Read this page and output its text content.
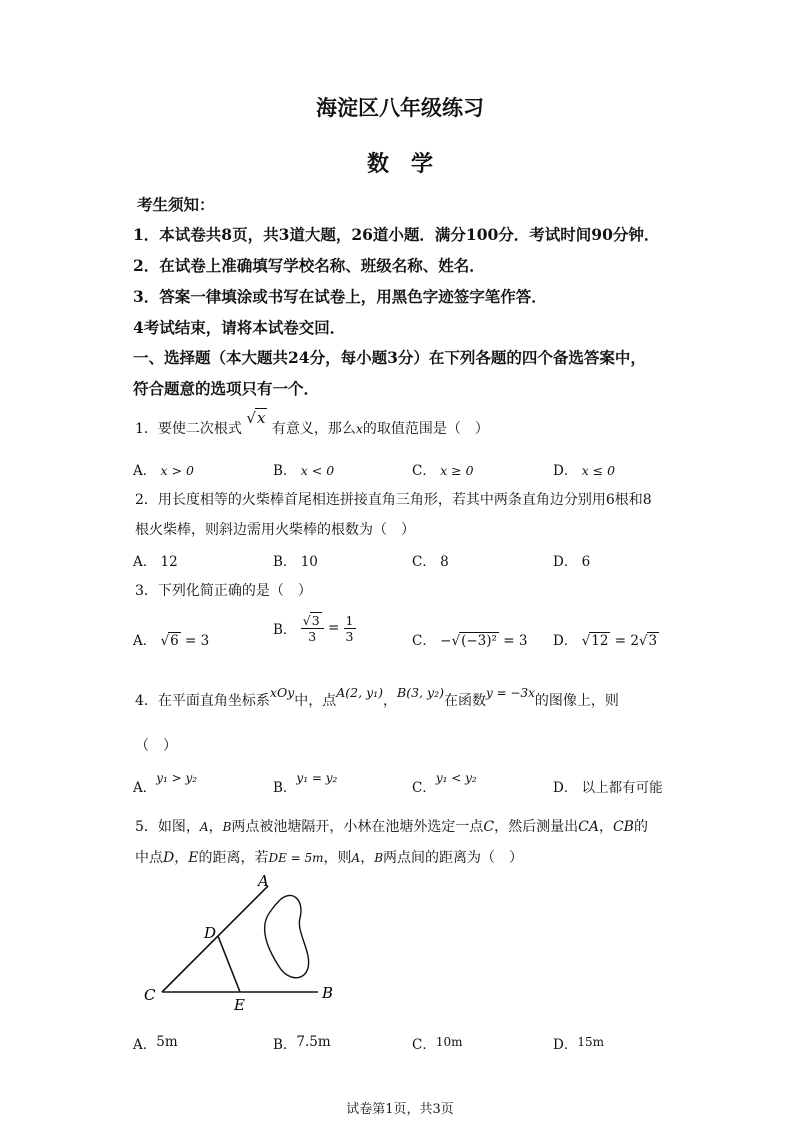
海淀区八年级练习
数　学
考生须知：
1．本试卷共8页，共3道大题，26道小题．满分100分．考试时间90分钟．
2．在试卷上准确填写学校名称、班级名称、姓名．
3．答案一律填涂或书写在试卷上，用黑色字迹签字笔作答．
4考试结束，请将本试卷交回．
一、选择题（本大题共24分，每小题3分）在下列各题的四个备选答案中，
符合题意的选项只有一个．
1．要使二次根式 √x 有意义，那么x的取值范围是（　）
A． x > 0	B． x < 0	C． x ≥ 0	D． x ≤ 0
2．用长度相等的火柴棒首尾相连拼接直角三角形，若其中两条直角边分别用6根和8
根火柴棒，则斜边需用火柴棒的根数为（　）
A． 12	B． 10	C． 8	D． 6
3．下列化简正确的是（　）
A． √6 = 3
B． $\frac{√3}{3} = \frac{1}{3}$	C． −√(−3)² = 3 D． √12 = 2√3
4．在平面直角坐标系xOy中，点A(2, y₁)，B(3, y₂)在函数y = −3x的图像上，则
（　）
A．y₁ > y₂
B．y₁ = y₂
C．y₁ < y₂
D． 以上都有可能
5．如图，A，B两点被池塘隔开，小林在池塘外选定一点C，然后测量出CA，CB的
中点D，E的距离，若DE = 5m，则A，B两点间的距离为（　）
A
B
C
D
E
A．5m	B．7.5m	C．10m	D．15m
试卷第1页，共3页
